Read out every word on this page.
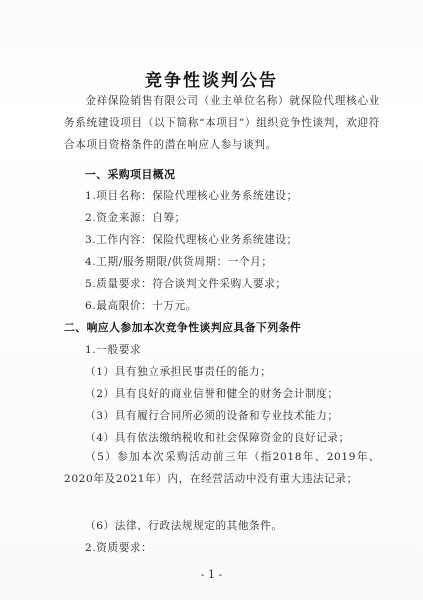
竞争性谈判公告
金祥保险销售有限公司（业主单位名称）就保险代理核心业务系统建设项目（以下简称“本项目”）组织竞争性谈判，欢迎符合本项目资格条件的潜在响应人参与谈判。
一、采购项目概况
1.项目名称：保险代理核心业务系统建设；
2.资金来源：自筹；
3.工作内容：保险代理核心业务系统建设；
4.工期/服务期限/供货周期：一个月；
5.质量要求：符合谈判文件采购人要求；
6.最高限价：十万元。
二、响应人参加本次竞争性谈判应具备下列条件
1.一般要求
（1）具有独立承担民事责任的能力；
（2）具有良好的商业信誉和健全的财务会计制度；
（3）具有履行合同所必须的设备和专业技术能力；
（4）具有依法缴纳税收和社会保障资金的良好记录；
（5）参加本次采购活动前三年（指2018年、2019年、2020年及2021年）内，在经营活动中没有重大违法记录；
（6）法律、行政法规规定的其他条件。
2.资质要求：
- 1 -
